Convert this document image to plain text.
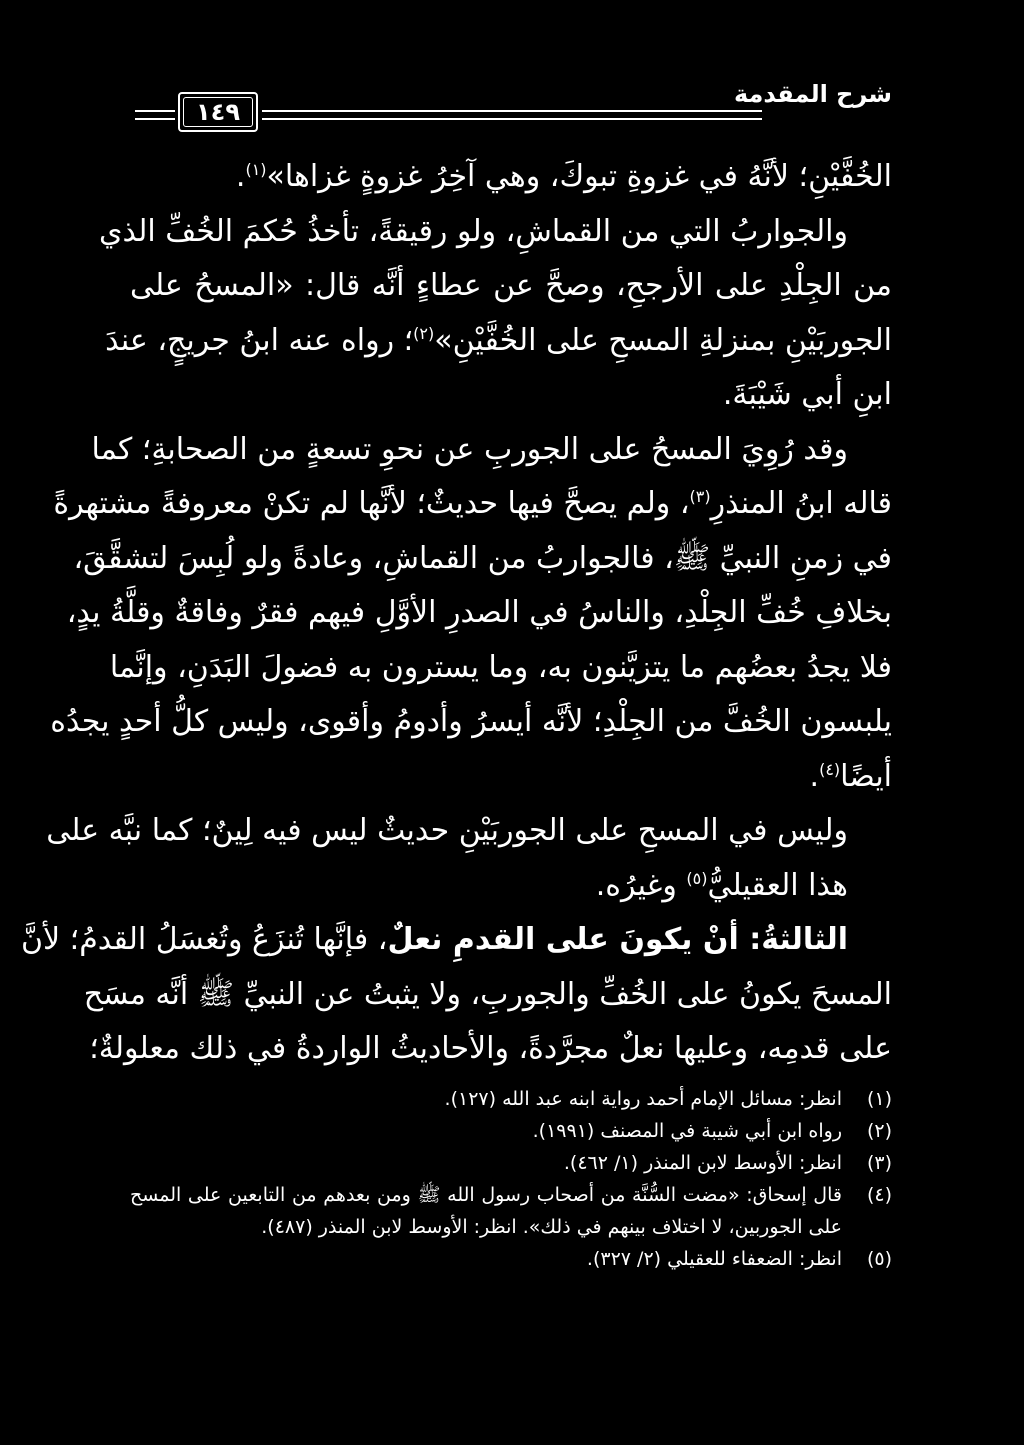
شرح المقدمة
١٤٩
الخُفَّيْنِ؛ لأنَّهُ في غزوةِ تبوكَ، وهي آخِرُ غزوةٍ غزاها»$^{(١)}$.
والجواربُ التي من القماشِ، ولو رقيقةً، تأخذُ حُكمَ الخُفِّ الذي
من الجِلْدِ على الأرجحِ، وصحَّ عن عطاءٍ أنَّه قال: «المسحُ على
الجوربَيْنِ بمنزلةِ المسحِ على الخُفَّيْنِ»$^{(٢)}$؛ رواه عنه ابنُ جريجٍ، عندَ
ابنِ أبي شَيْبَةَ.
وقد رُوِيَ المسحُ على الجوربِ عن نحوِ تسعةٍ من الصحابةِ؛ كما
قاله ابنُ المنذرِ$^{(٣)}$، ولم يصحَّ فيها حديثٌ؛ لأنَّها لم تكنْ معروفةً مشتهرةً
في زمنِ النبيِّ ﷺ، فالجواربُ من القماشِ، وعادةً ولو لُبِسَ لتشقَّقَ،
بخلافِ خُفِّ الجِلْدِ، والناسُ في الصدرِ الأوَّلِ فيهم فقرٌ وفاقةٌ وقلَّةُ يدٍ،
فلا يجدُ بعضُهم ما يتزيَّنون به، وما يسترون به فضولَ البَدَنِ، وإنَّما
يلبسون الخُفَّ من الجِلْدِ؛ لأنَّه أيسرُ وأدومُ وأقوى، وليس كلُّ أحدٍ يجدُه
أيضًا$^{(٤)}$.
وليس في المسحِ على الجوربَيْنِ حديثٌ ليس فيه لِينٌ؛ كما نبَّه على
هذا العقيليُّ$^{(٥)}$ وغيرُه.
الثالثةُ: أنْ يكونَ على القدمِ نعلٌ، فإنَّها تُنزَعُ وتُغسَلُ القدمُ؛ لأنَّ
المسحَ يكونُ على الخُفِّ والجوربِ، ولا يثبتُ عن النبيِّ ﷺ أنَّه مسَح
على قدمِه، وعليها نعلٌ مجرَّدةً، والأحاديثُ الواردةُ في ذلك معلولةٌ؛
(١)
انظر: مسائل الإمام أحمد رواية ابنه عبد الله (١٢٧).
(٢)
رواه ابن أبي شيبة في المصنف (١٩٩١).
(٣)
انظر: الأوسط لابن المنذر (١/ ٤٦٢).
(٤)
قال إسحاق: «مضت السُّنَّة من أصحاب رسول الله ﷺ ومن بعدهم من التابعين على المسح على الجوربين، لا اختلاف بينهم في ذلك». انظر: الأوسط لابن المنذر (٤٨٧).
(٥)
انظر: الضعفاء للعقيلي (٢/ ٣٢٧).
